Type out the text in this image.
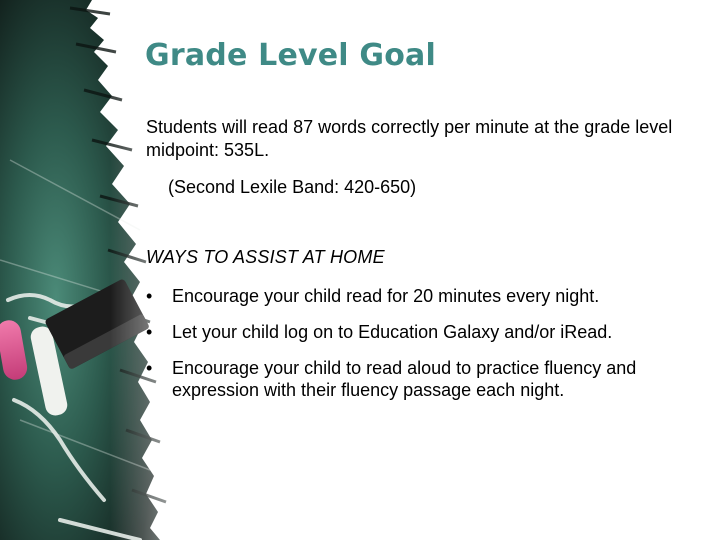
Grade Level Goal

Students will read 87 words correctly per minute at the grade level midpoint: 535L.

(Second Lexile Band: 420-650)

WAYS TO ASSIST AT HOME

• Encourage your child read for 20 minutes every night.
• Let your child log on to Education Galaxy and/or iRead.
• Encourage your child to read aloud to practice fluency and expression with their fluency passage each night.
